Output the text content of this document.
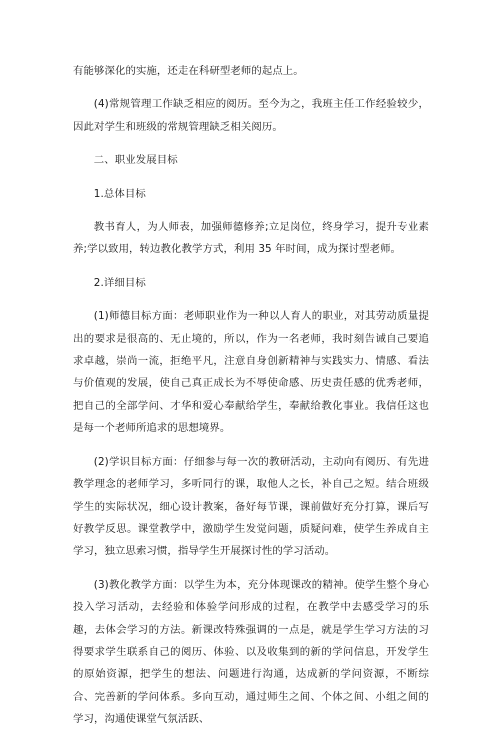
有能够深化的实施，还走在科研型老师的起点上。

(4)常规管理工作缺乏相应的阅历。至今为之，我班主任工作经验较少，因此对学生和班级的常规管理缺乏相关阅历。

二、职业发展目标

1.总体目标

教书育人，为人师表，加强师德修养;立足岗位，终身学习，提升专业素养;学以致用，转边教化教学方式，利用 35 年时间，成为探讨型老师。

2.详细目标

(1)师德目标方面：老师职业作为一种以人育人的职业，对其劳动质量提出的要求是很高的、无止境的，所以，作为一名老师，我时刻告诫自己要追求卓越，崇尚一流，拒绝平凡，注意自身创新精神与实践实力、情感、看法与价值观的发展，使自己真正成长为不辱使命感、历史责任感的优秀老师，把自己的全部学问、才华和爱心奉献给学生，奉献给教化事业。我信任这也是每一个老师所追求的思想境界。

(2)学识目标方面：仔细参与每一次的教研活动，主动向有阅历、有先进教学理念的老师学习，多听同行的课，取他人之长，补自己之短。结合班级学生的实际状况，细心设计教案，备好每节课，课前做好充分打算，课后写好教学反思。课堂教学中，激励学生发觉问题，质疑问难，使学生养成自主学习，独立思索习惯，指导学生开展探讨性的学习活动。

(3)教化教学方面：以学生为本，充分体现课改的精神。使学生整个身心投入学习活动，去经验和体验学问形成的过程，在教学中去感受学习的乐趣，去体会学习的方法。新课改特殊强调的一点是，就是学生学习方法的习得要求学生联系自己的阅历、体验、以及收集到的新的学问信息，开发学生的原始资源，把学生的想法、问题进行沟通，达成新的学问资源，不断综合、完善新的学问体系。多向互动，通过师生之间、个体之间、小组之间的学习，沟通使课堂气氛活跃、
